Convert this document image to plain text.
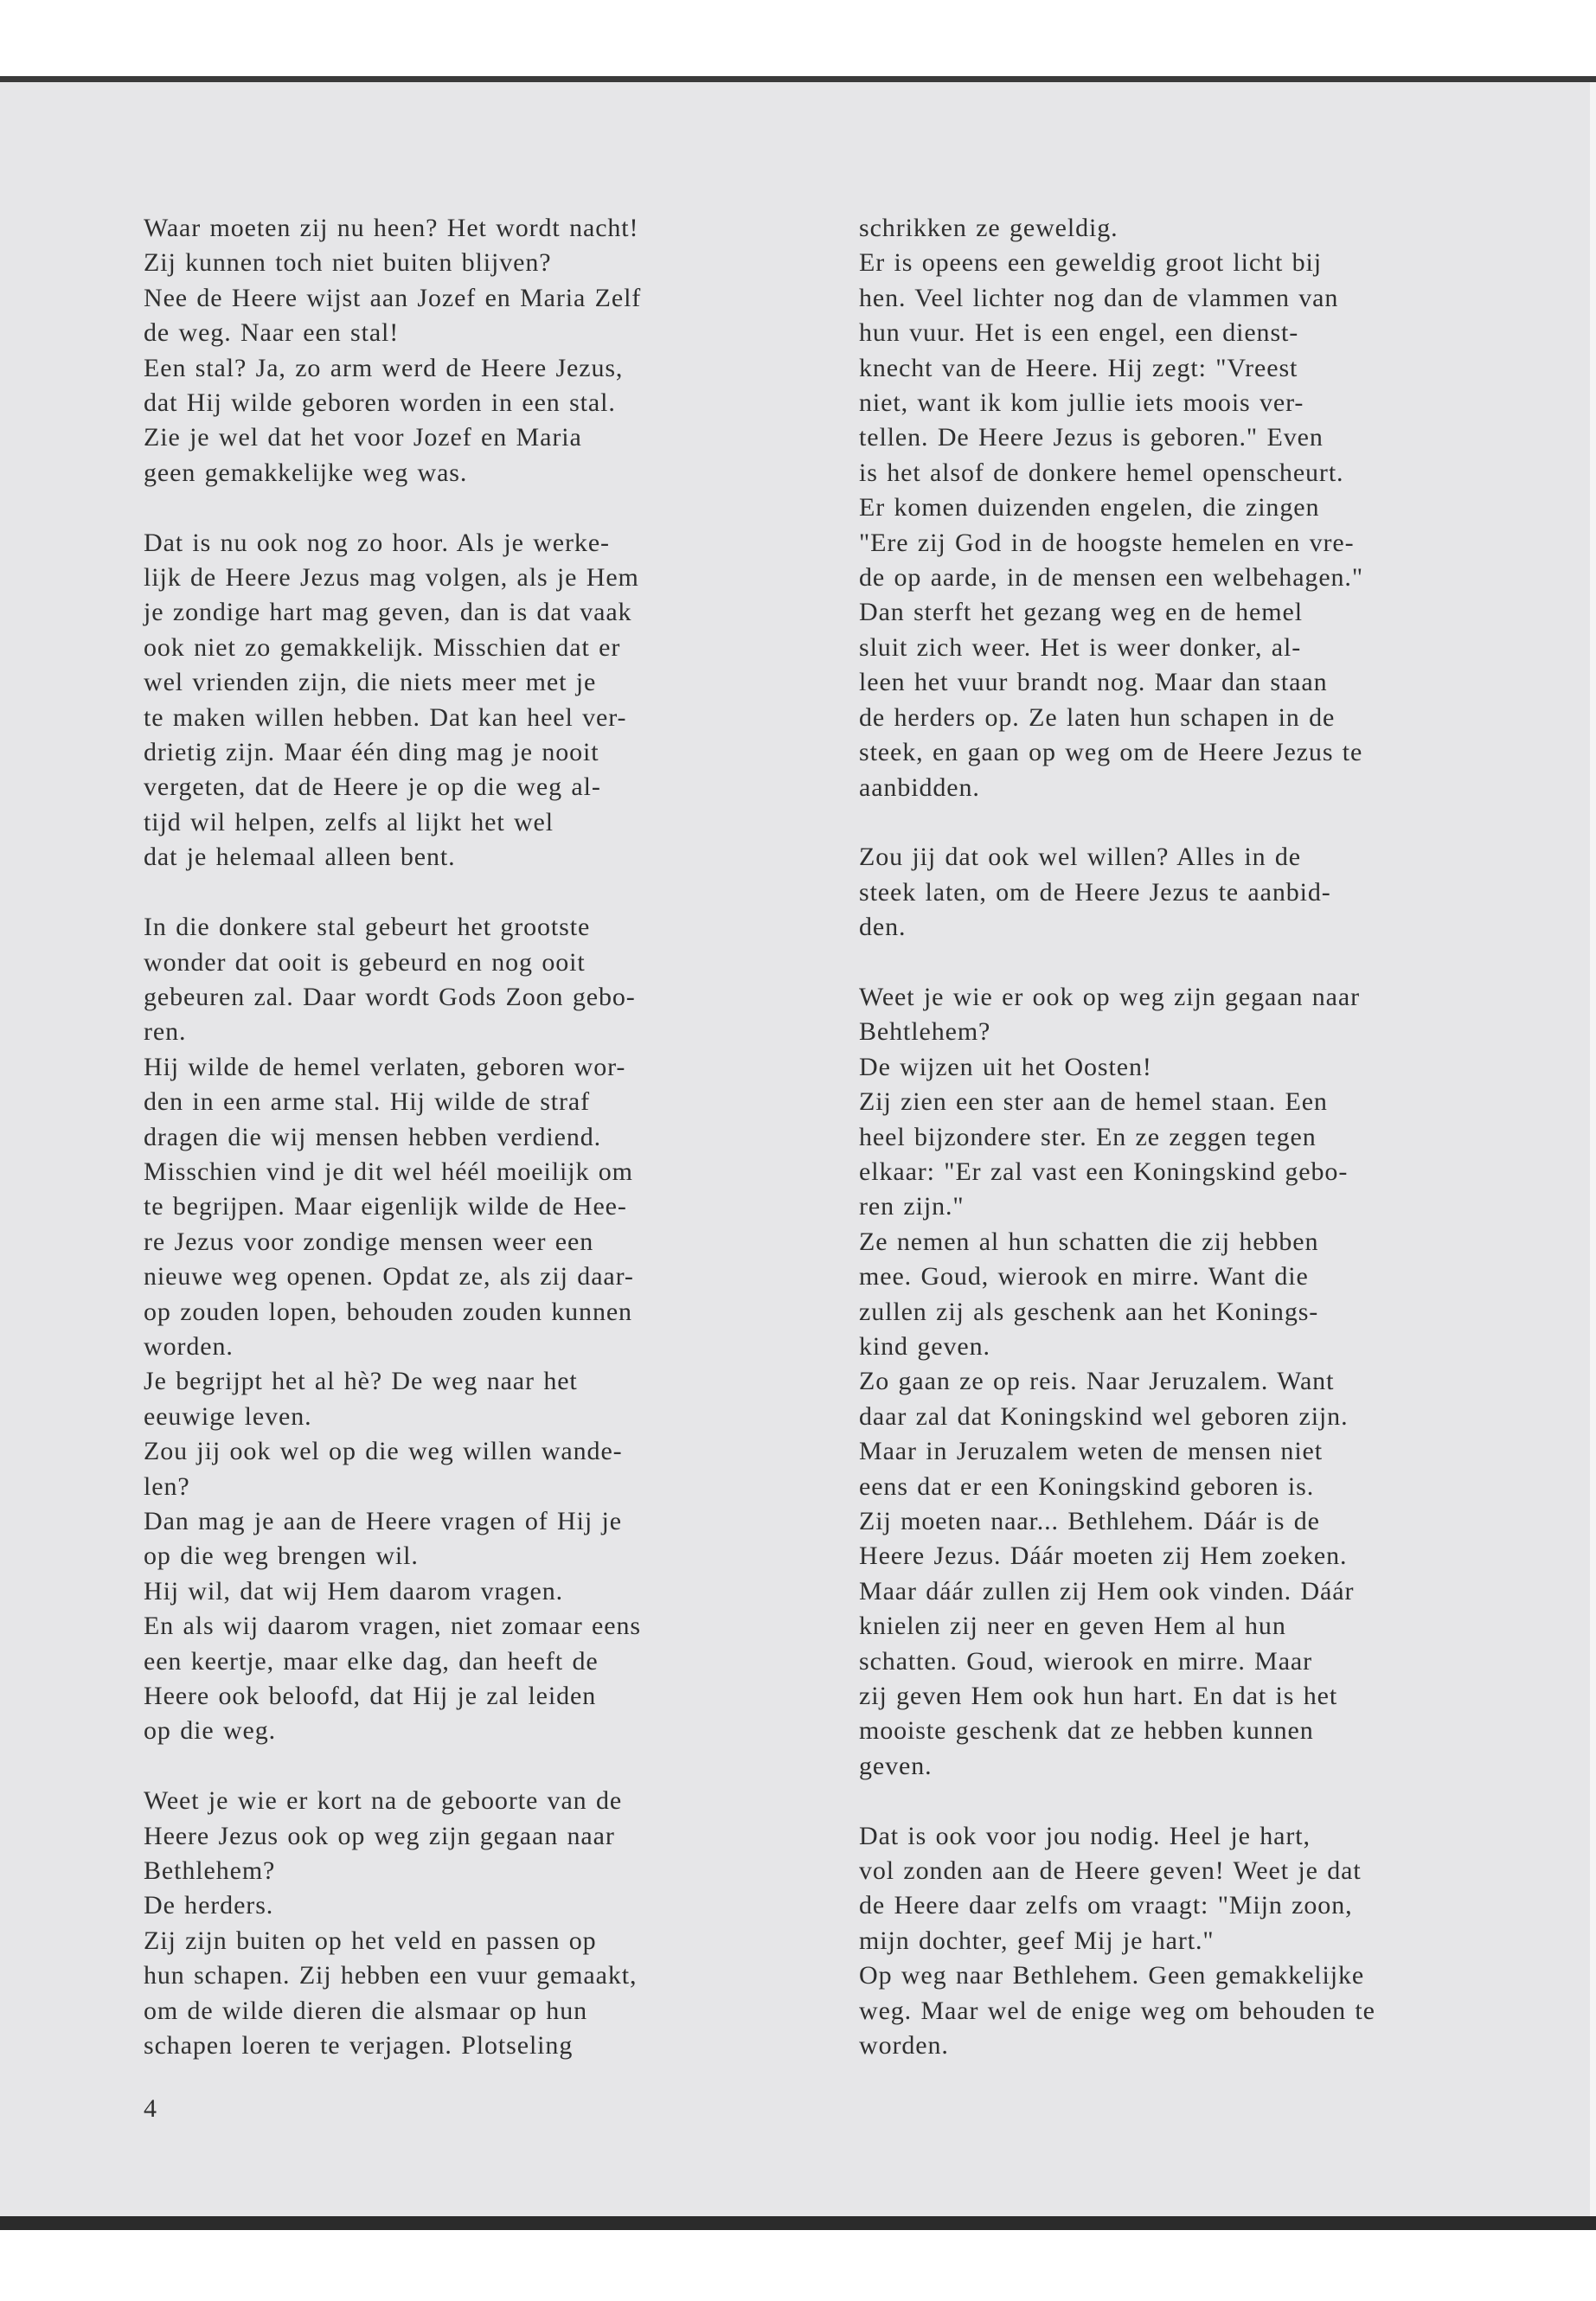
Waar moeten zij nu heen? Het wordt nacht!
Zij kunnen toch niet buiten blijven?
Nee de Heere wijst aan Jozef en Maria Zelf
de weg. Naar een stal!
Een stal? Ja, zo arm werd de Heere Jezus,
dat Hij wilde geboren worden in een stal.
Zie je wel dat het voor Jozef en Maria
geen gemakkelijke weg was.
Dat is nu ook nog zo hoor. Als je werke-
lijk de Heere Jezus mag volgen, als je Hem
je zondige hart mag geven, dan is dat vaak
ook niet zo gemakkelijk. Misschien dat er
wel vrienden zijn, die niets meer met je
te maken willen hebben. Dat kan heel ver-
drietig zijn. Maar één ding mag je nooit
vergeten, dat de Heere je op die weg al-
tijd wil helpen, zelfs al lijkt het wel
dat je helemaal alleen bent.
In die donkere stal gebeurt het grootste
wonder dat ooit is gebeurd en nog ooit
gebeuren zal. Daar wordt Gods Zoon gebo-
ren.
Hij wilde de hemel verlaten, geboren wor-
den in een arme stal. Hij wilde de straf
dragen die wij mensen hebben verdiend.
Misschien vind je dit wel héél moeilijk om
te begrijpen. Maar eigenlijk wilde de Hee-
re Jezus voor zondige mensen weer een
nieuwe weg openen. Opdat ze, als zij daar-
op zouden lopen, behouden zouden kunnen
worden.
Je begrijpt het al hè? De weg naar het
eeuwige leven.
Zou jij ook wel op die weg willen wande-
len?
Dan mag je aan de Heere vragen of Hij je
op die weg brengen wil.
Hij wil, dat wij Hem daarom vragen.
En als wij daarom vragen, niet zomaar eens
een keertje, maar elke dag, dan heeft de
Heere ook beloofd, dat Hij je zal leiden
op die weg.
Weet je wie er kort na de geboorte van de
Heere Jezus ook op weg zijn gegaan naar
Bethlehem?
De herders.
Zij zijn buiten op het veld en passen op
hun schapen. Zij hebben een vuur gemaakt,
om de wilde dieren die alsmaar op hun
schapen loeren te verjagen. Plotseling
schrikken ze geweldig.
Er is opeens een geweldig groot licht bij
hen. Veel lichter nog dan de vlammen van
hun vuur. Het is een engel, een dienst-
knecht van de Heere. Hij zegt: "Vreest
niet, want ik kom jullie iets moois ver-
tellen. De Heere Jezus is geboren." Even
is het alsof de donkere hemel openscheurt.
Er komen duizenden engelen, die zingen
"Ere zij God in de hoogste hemelen en vre-
de op aarde, in de mensen een welbehagen."
Dan sterft het gezang weg en de hemel
sluit zich weer. Het is weer donker, al-
leen het vuur brandt nog. Maar dan staan
de herders op. Ze laten hun schapen in de
steek, en gaan op weg om de Heere Jezus te
aanbidden.
Zou jij dat ook wel willen? Alles in de
steek laten, om de Heere Jezus te aanbid-
den.
Weet je wie er ook op weg zijn gegaan naar
Behtlehem?
De wijzen uit het Oosten!
Zij zien een ster aan de hemel staan. Een
heel bijzondere ster. En ze zeggen tegen
elkaar: "Er zal vast een Koningskind gebo-
ren zijn."
Ze nemen al hun schatten die zij hebben
mee. Goud, wierook en mirre. Want die
zullen zij als geschenk aan het Konings-
kind geven.
Zo gaan ze op reis. Naar Jeruzalem. Want
daar zal dat Koningskind wel geboren zijn.
Maar in Jeruzalem weten de mensen niet
eens dat er een Koningskind geboren is.
Zij moeten naar... Bethlehem. Dáár is de
Heere Jezus. Dáár moeten zij Hem zoeken.
Maar dáár zullen zij Hem ook vinden. Dáár
knielen zij neer en geven Hem al hun
schatten. Goud, wierook en mirre. Maar
zij geven Hem ook hun hart. En dat is het
mooiste geschenk dat ze hebben kunnen
geven.
Dat is ook voor jou nodig. Heel je hart,
vol zonden aan de Heere geven! Weet je dat
de Heere daar zelfs om vraagt: "Mijn zoon,
mijn dochter, geef Mij je hart."
Op weg naar Bethlehem. Geen gemakkelijke
weg. Maar wel de enige weg om behouden te
worden.
4
